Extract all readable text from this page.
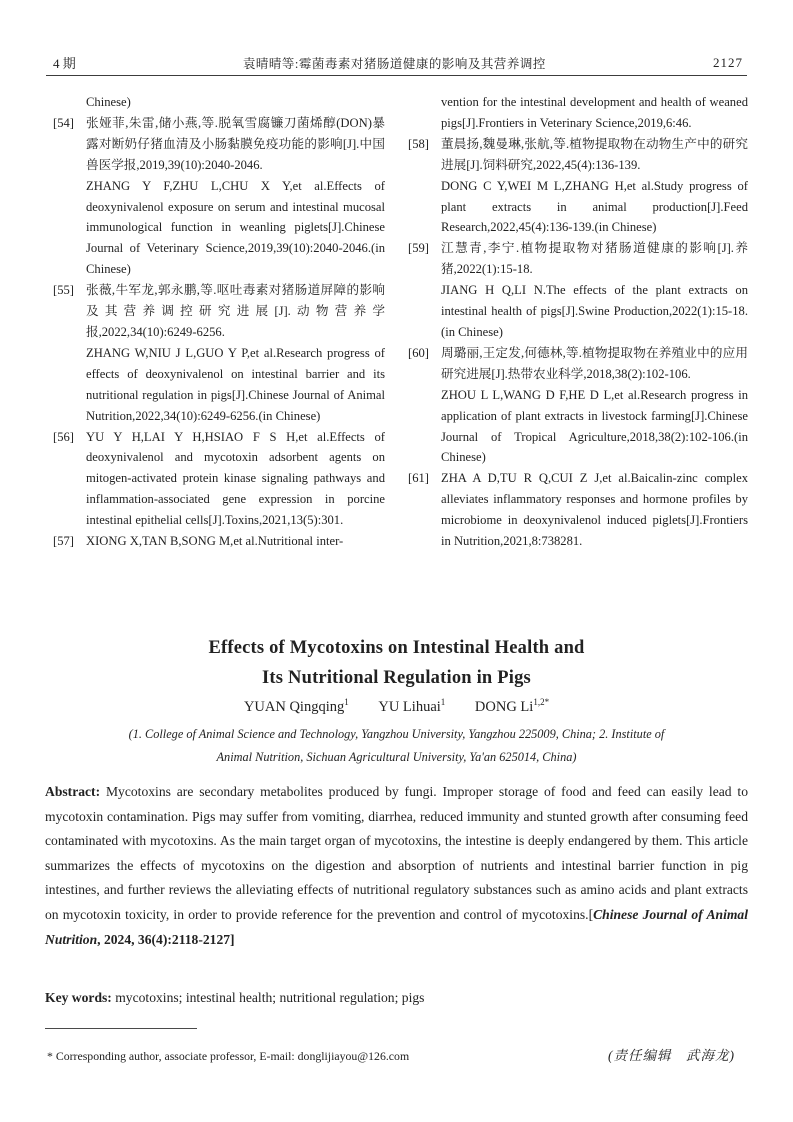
4 期	袁晴晴等:霉菌毒素对猪肠道健康的影响及其营养调控	2127
Chinese)
[54] 张娅菲,朱雷,储小燕,等.脱氧雪腐镰刀菌烯醇(DON)暴露对断奶仔猪血清及小肠黏膜免疫功能的影响[J].中国兽医学报,2019,39(10):2040-2046.
ZHANG Y F,ZHU L,CHU X Y,et al.Effects of deoxynivalenol exposure on serum and intestinal mucosal immunological function in weanling piglets[J].Chinese Journal of Veterinary Science,2019,39(10):2040-2046.(in Chinese)
[55] 张薇,牛军龙,郭永鹏,等.呕吐毒素对猪肠道屏障的影响及其营养调控研究进展[J].动物营养学报,2022,34(10):6249-6256.
ZHANG W,NIU J L,GUO Y P,et al.Research progress of effects of deoxynivalenol on intestinal barrier and its nutritional regulation in pigs[J].Chinese Journal of Animal Nutrition,2022,34(10):6249-6256.(in Chinese)
[56] YU Y H,LAI Y H,HSIAO F S H,et al.Effects of deoxynivalenol and mycotoxin adsorbent agents on mitogen-activated protein kinase signaling pathways and inflammation-associated gene expression in porcine intestinal epithelial cells[J].Toxins,2021,13(5):301.
[57] XIONG X,TAN B,SONG M,et al.Nutritional inter-
vention for the intestinal development and health of weaned pigs[J].Frontiers in Veterinary Science,2019,6:46.
[58] 董晨扬,魏曼琳,张航,等.植物提取物在动物生产中的研究进展[J].饲料研究,2022,45(4):136-139.
DONG C Y,WEI M L,ZHANG H,et al.Study progress of plant extracts in animal production[J].Feed Research,2022,45(4):136-139.(in Chinese)
[59] 江慧青,李宁.植物提取物对猪肠道健康的影响[J].养猪,2022(1):15-18.
JIANG H Q,LI N.The effects of the plant extracts on intestinal health of pigs[J].Swine Production,2022(1):15-18.(in Chinese)
[60] 周璐丽,王定发,何德林,等.植物提取物在养殖业中的应用研究进展[J].热带农业科学,2018,38(2):102-106.
ZHOU L L,WANG D F,HE D L,et al.Research progress in application of plant extracts in livestock farming[J].Chinese Journal of Tropical Agriculture,2018,38(2):102-106.(in Chinese)
[61] ZHA A D,TU R Q,CUI Z J,et al.Baicalin-zinc complex alleviates inflammatory responses and hormone profiles by microbiome in deoxynivalenol induced piglets[J].Frontiers in Nutrition,2021,8:738281.
Effects of Mycotoxins on Intestinal Health and
Its Nutritional Regulation in Pigs
YUAN Qingqing$^1$ YU Lihuai$^1$ DONG $Li^{1,2*}$
(1. College of Animal Science and Technology, Yangzhou University, Yangzhou 225009, China; 2. Institute of
Animal Nutrition, Sichuan Agricultural University, Ya'an 625014, China)

Abstract: Mycotoxins are secondary metabolites produced by fungi. Improper storage of food and feed can easily lead to mycotoxin contamination. Pigs may suffer from vomiting, diarrhea, reduced immunity and stunted growth after consuming feed contaminated with mycotoxins. As the main target organ of mycotoxins, the intestine is deeply endangered by them. This article summarizes the effects of mycotoxins on the digestion and absorption of nutrients and intestinal barrier function in pig intestines, and further reviews the alleviating effects of nutritional regulatory substances such as amino acids and plant extracts on mycotoxin toxicity, in order to provide reference for the prevention and control of mycotoxins.[Chinese Journal of Animal Nutrition, 2024, 36(4):2118-2127]

Key words: mycotoxins; intestinal health; nutritional regulation; pigs

* Corresponding author, associate professor, E-mail: donglijiayou@126.com	(责任编辑　武海龙)
